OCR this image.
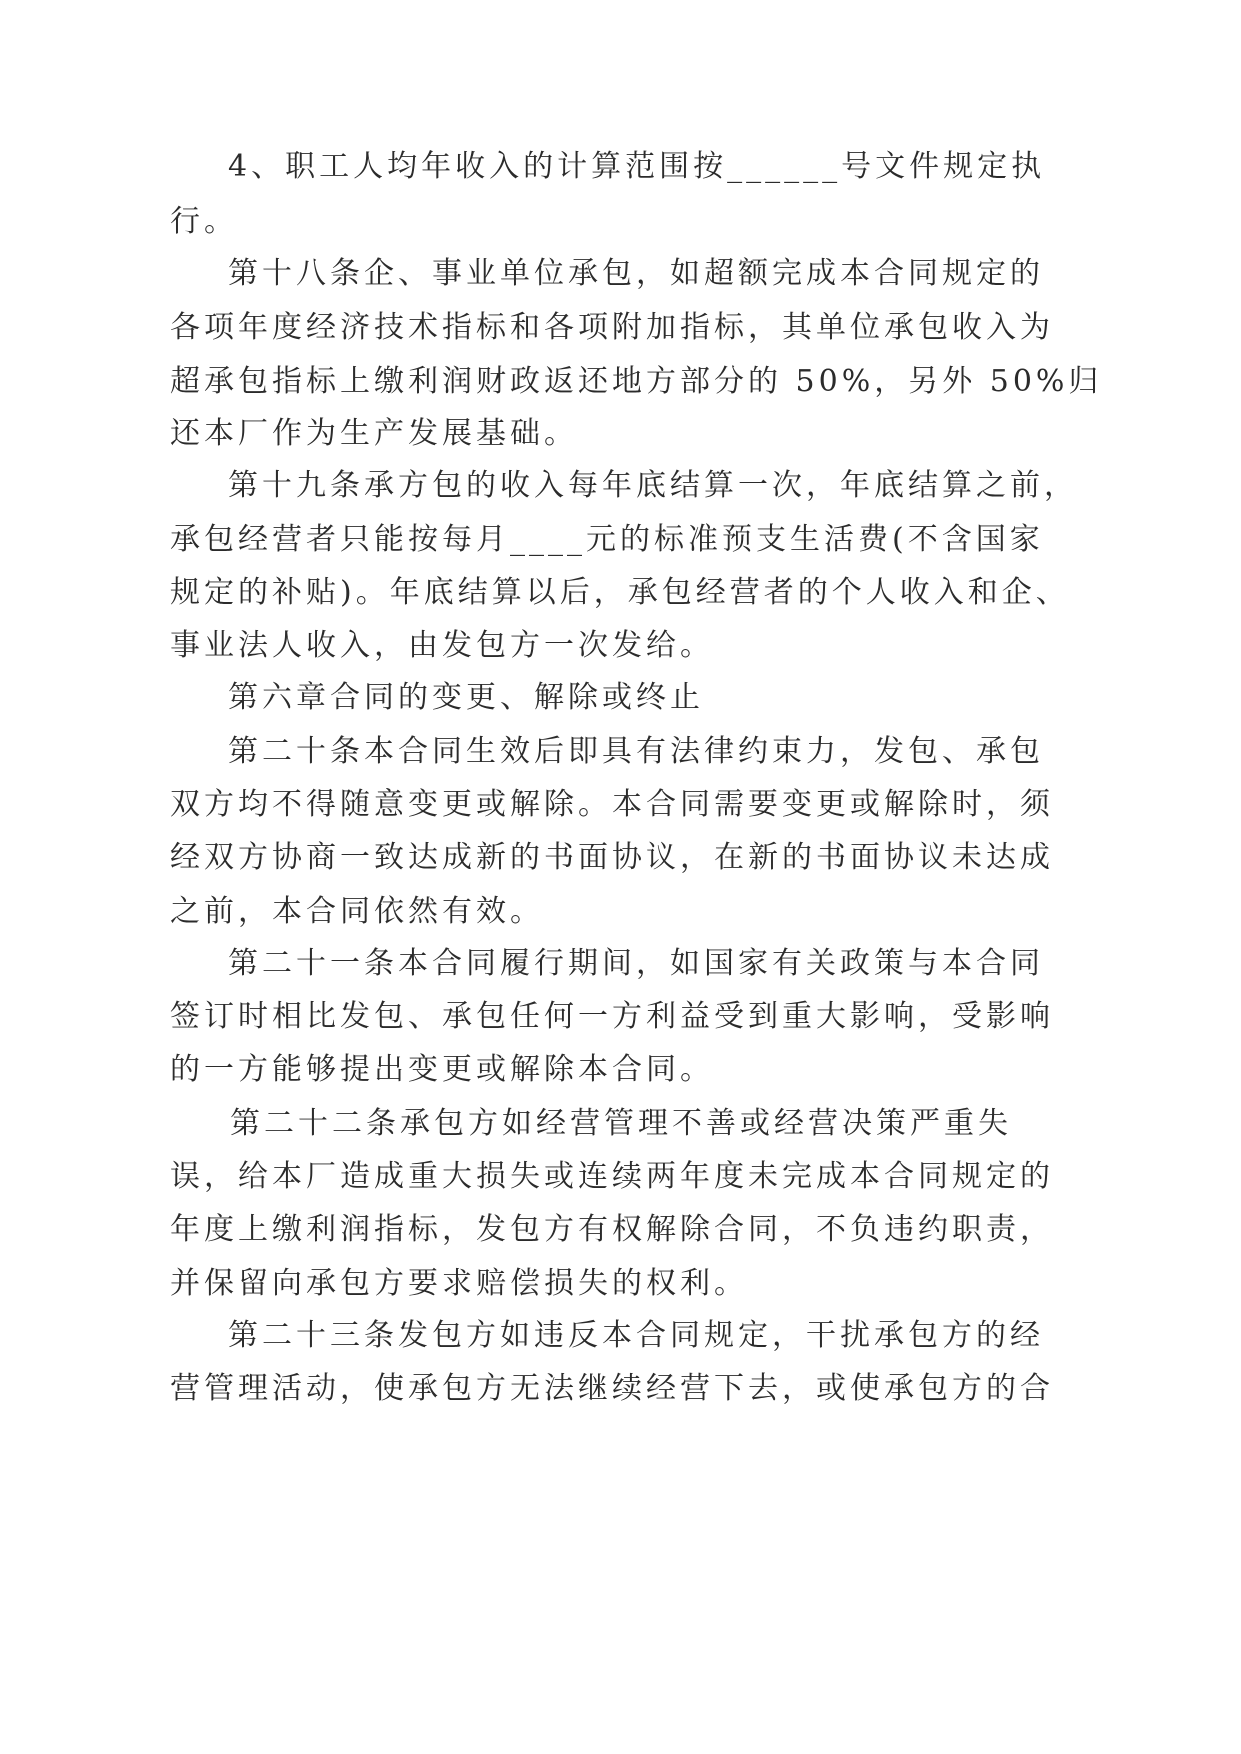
4、职工人均年收入的计算范围按______号文件规定执
行。
第十八条企、事业单位承包，如超额完成本合同规定的
各项年度经济技术指标和各项附加指标，其单位承包收入为
超承包指标上缴利润财政返还地方部分的 50%，另外 50%归
还本厂作为生产发展基础。
第十九条承方包的收入每年底结算一次，年底结算之前，
承包经营者只能按每月____元的标准预支生活费(不含国家
规定的补贴)。年底结算以后，承包经营者的个人收入和企、
事业法人收入，由发包方一次发给。
第六章合同的变更、解除或终止
第二十条本合同生效后即具有法律约束力，发包、承包
双方均不得随意变更或解除。本合同需要变更或解除时，须
经双方协商一致达成新的书面协议，在新的书面协议未达成
之前，本合同依然有效。
第二十一条本合同履行期间，如国家有关政策与本合同
签订时相比发包、承包任何一方利益受到重大影响，受影响
的一方能够提出变更或解除本合同。
第二十二条承包方如经营管理不善或经营决策严重失
误，给本厂造成重大损失或连续两年度未完成本合同规定的
年度上缴利润指标，发包方有权解除合同，不负违约职责，
并保留向承包方要求赔偿损失的权利。
第二十三条发包方如违反本合同规定，干扰承包方的经
营管理活动，使承包方无法继续经营下去，或使承包方的合
